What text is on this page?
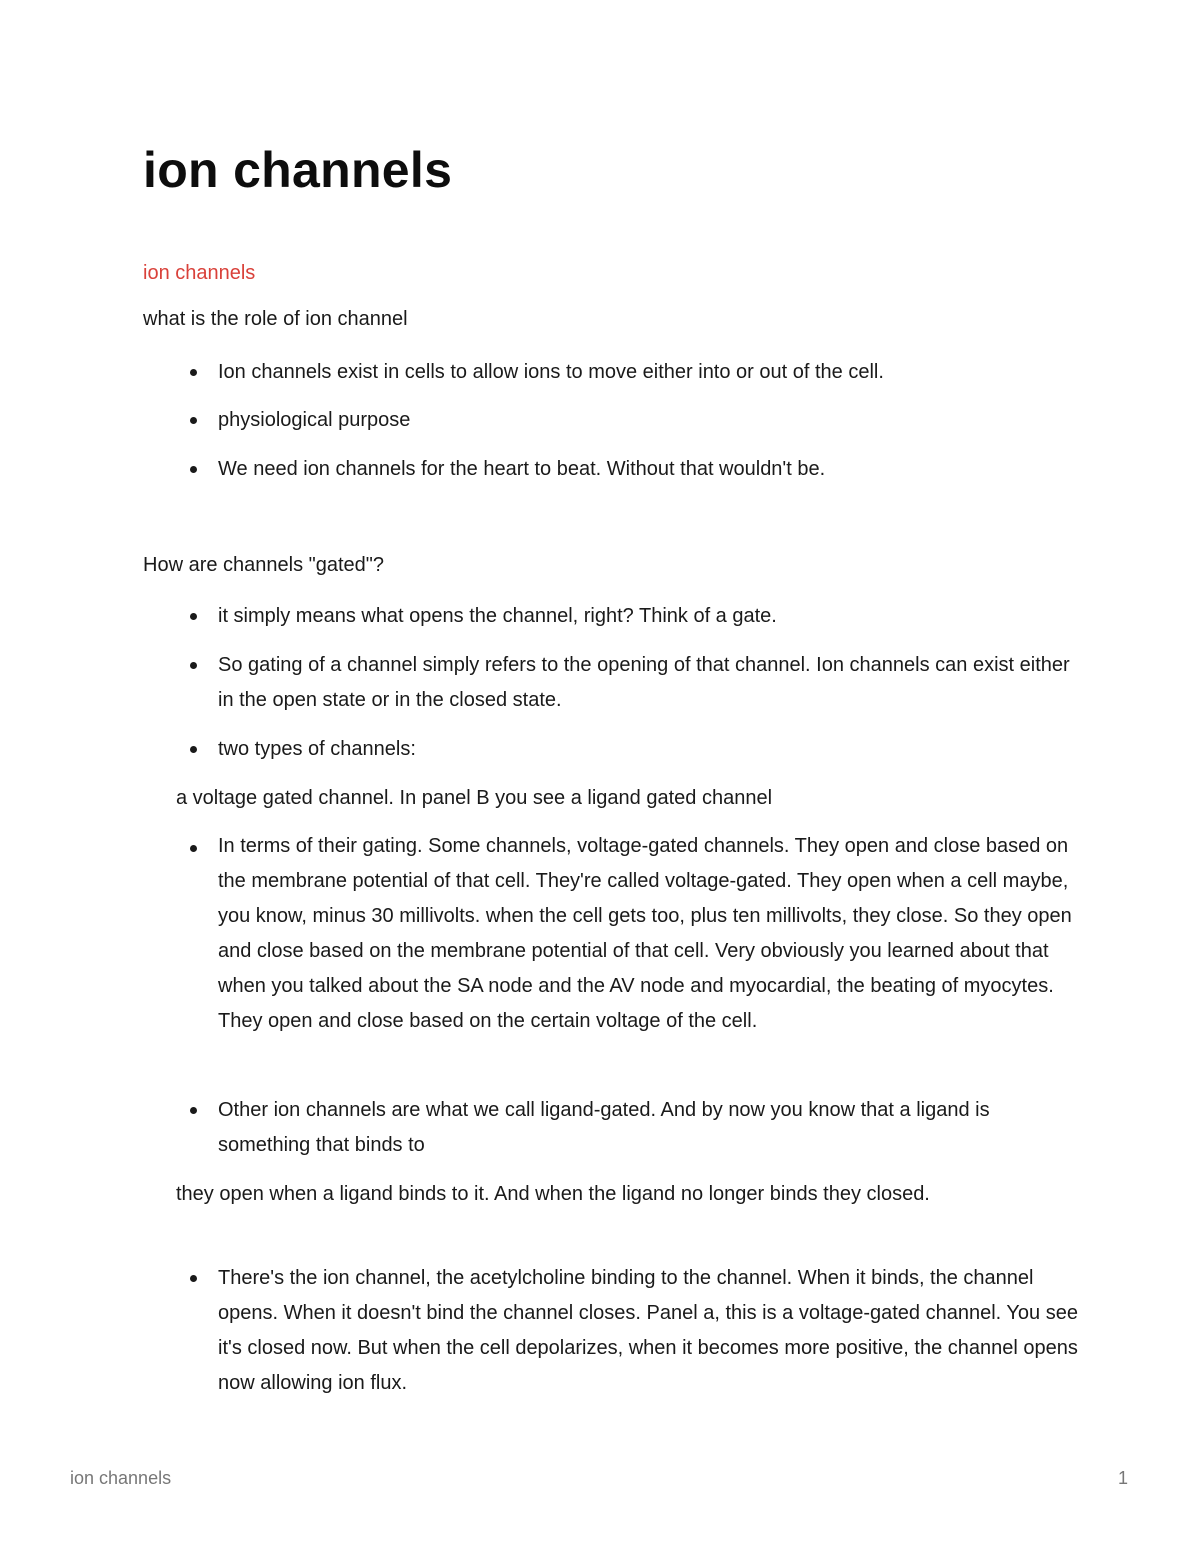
ion channels
ion channels

what is the role of ion channel

Ion channels exist in cells to allow ions to move either into or out of the cell.

physiological purpose

We need ion channels for the heart to beat. Without that wouldn't be.

How are channels "gated"?

it simply means what opens the channel, right? Think of a gate.

So gating of a channel simply refers to the opening of that channel. Ion channels can exist either in the open state or in the closed state.

two types of channels:

a voltage gated channel. In panel B you see a ligand gated channel

In terms of their gating. Some channels, voltage-gated channels. They open and close based on the membrane potential of that cell. They're called voltage-gated. They open when a cell maybe, you know, minus 30 millivolts. when the cell gets too, plus ten millivolts, they close. So they open and close based on the membrane potential of that cell. Very obviously you learned about that when you talked about the SA node and the AV node and myocardial, the beating of myocytes. They open and close based on the certain voltage of the cell.

Other ion channels are what we call ligand-gated. And by now you know that a ligand is something that binds to

they open when a ligand binds to it. And when the ligand no longer binds they closed.

There's the ion channel, the acetylcholine binding to the channel. When it binds, the channel opens. When it doesn't bind the channel closes. Panel a, this is a voltage-gated channel. You see it's closed now. But when the cell depolarizes, when it becomes more positive, the channel opens now allowing ion flux.

ion channels	1
